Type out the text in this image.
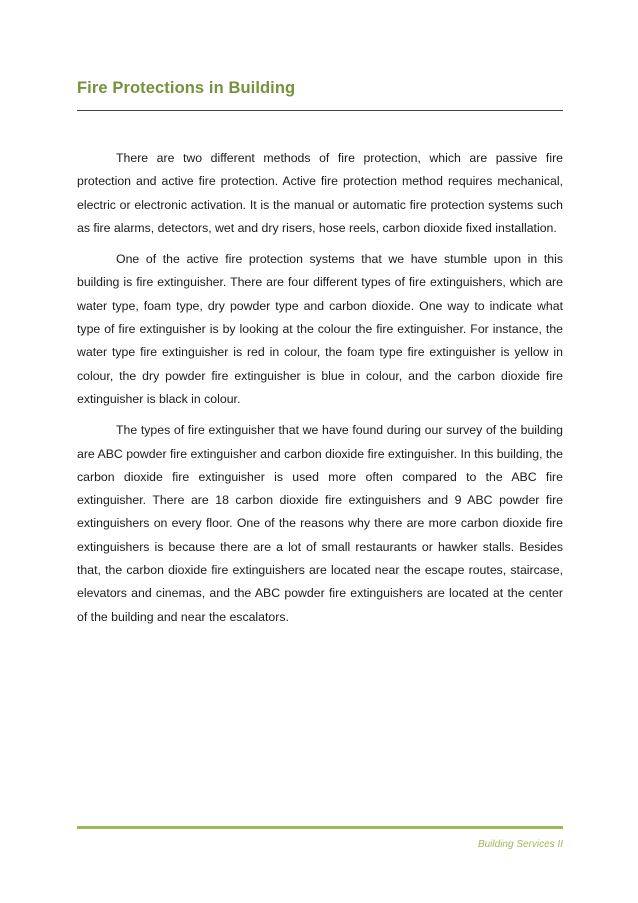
Fire Protections in Building

There are two different methods of fire protection, which are passive fire protection and active fire protection. Active fire protection method requires mechanical, electric or electronic activation. It is the manual or automatic fire protection systems such as fire alarms, detectors, wet and dry risers, hose reels, carbon dioxide fixed installation.

One of the active fire protection systems that we have stumble upon in this building is fire extinguisher. There are four different types of fire extinguishers, which are water type, foam type, dry powder type and carbon dioxide. One way to indicate what type of fire extinguisher is by looking at the colour the fire extinguisher. For instance, the water type fire extinguisher is red in colour, the foam type fire extinguisher is yellow in colour, the dry powder fire extinguisher is blue in colour, and the carbon dioxide fire extinguisher is black in colour.

The types of fire extinguisher that we have found during our survey of the building are ABC powder fire extinguisher and carbon dioxide fire extinguisher. In this building, the carbon dioxide fire extinguisher is used more often compared to the ABC fire extinguisher. There are 18 carbon dioxide fire extinguishers and 9 ABC powder fire extinguishers on every floor. One of the reasons why there are more carbon dioxide fire extinguishers is because there are a lot of small restaurants or hawker stalls. Besides that, the carbon dioxide fire extinguishers are located near the escape routes, staircase, elevators and cinemas, and the ABC powder fire extinguishers are located at the center of the building and near the escalators.

Building Services II
